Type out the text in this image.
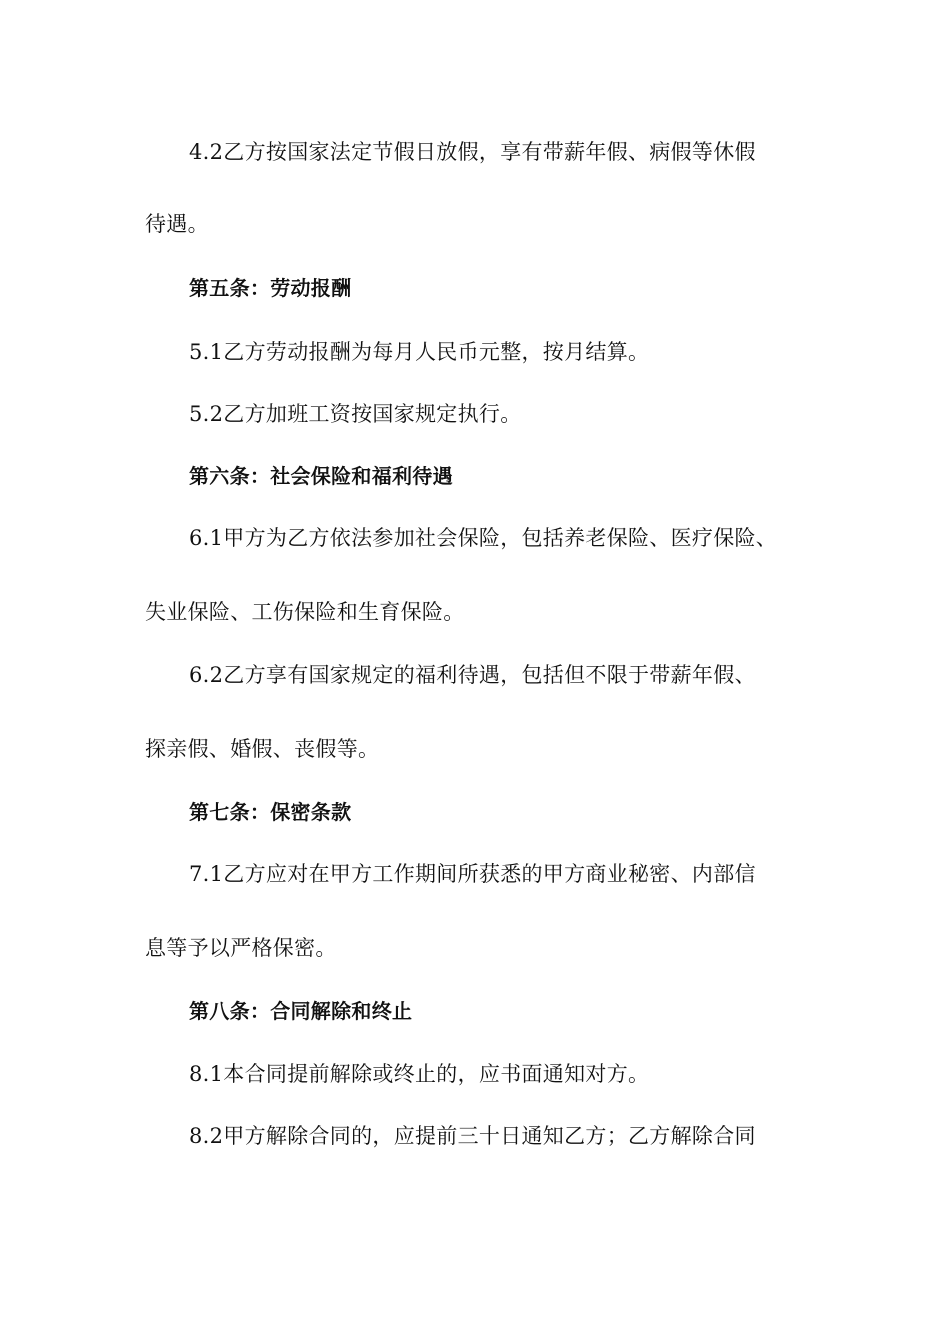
4.2乙方按国家法定节假日放假，享有带薪年假、病假等休假
待遇。
第五条：劳动报酬
5.1乙方劳动报酬为每月人民币元整，按月结算。
5.2乙方加班工资按国家规定执行。
第六条：社会保险和福利待遇
6.1甲方为乙方依法参加社会保险，包括养老保险、医疗保险、
失业保险、工伤保险和生育保险。
6.2乙方享有国家规定的福利待遇，包括但不限于带薪年假、
探亲假、婚假、丧假等。
第七条：保密条款
7.1乙方应对在甲方工作期间所获悉的甲方商业秘密、内部信
息等予以严格保密。
第八条：合同解除和终止
8.1本合同提前解除或终止的，应书面通知对方。
8.2甲方解除合同的，应提前三十日通知乙方；乙方解除合同
